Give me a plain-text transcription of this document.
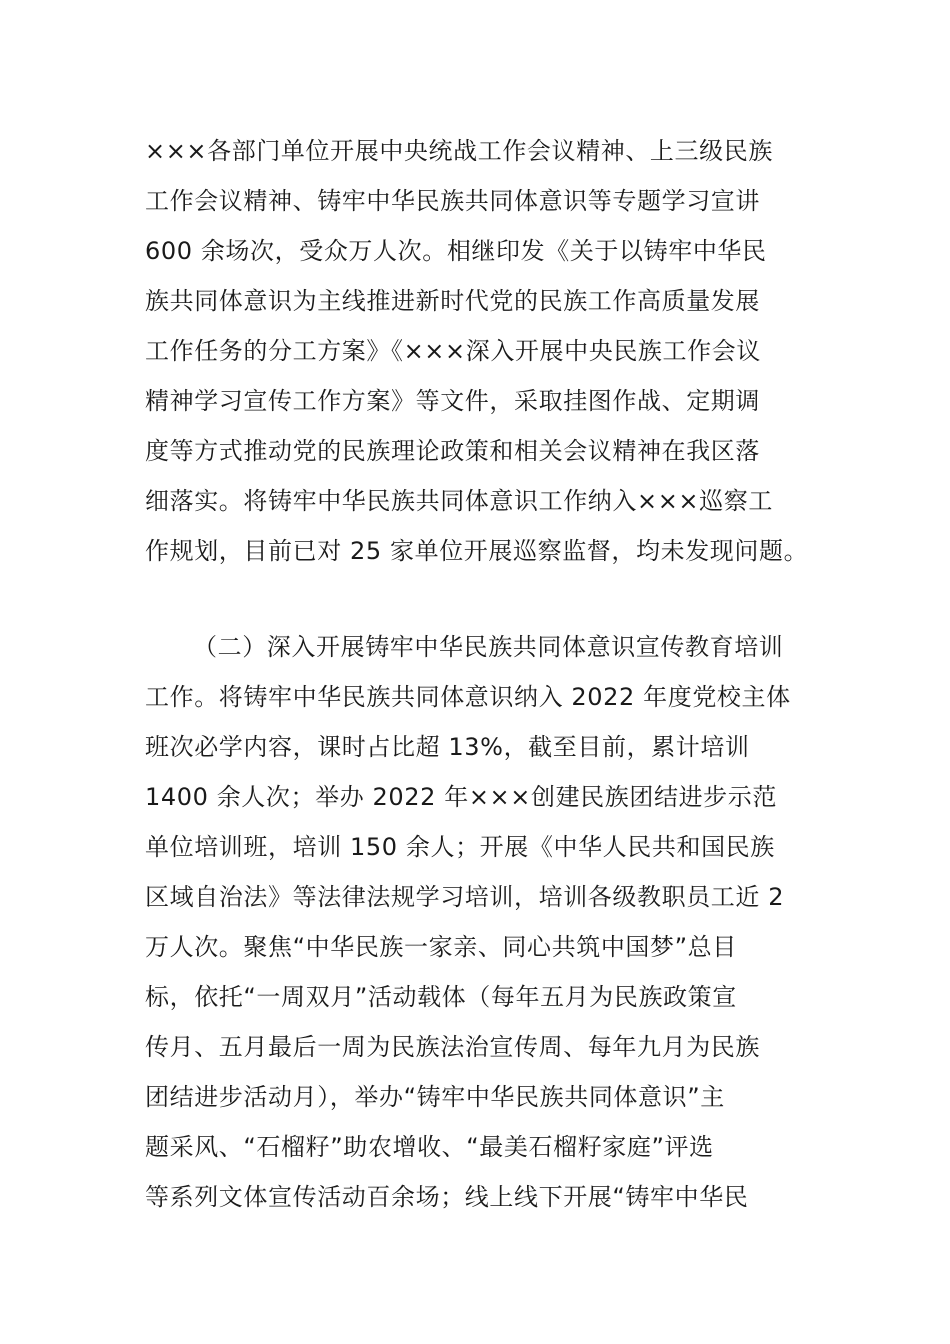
×××各部门单位开展中央统战工作会议精神、上三级民族
工作会议精神、铸牢中华民族共同体意识等专题学习宣讲
600 余场次，受众万人次。相继印发《关于以铸牢中华民
族共同体意识为主线推进新时代党的民族工作高质量发展
工作任务的分工方案》《×××深入开展中央民族工作会议
精神学习宣传工作方案》等文件，采取挂图作战、定期调
度等方式推动党的民族理论政策和相关会议精神在我区落
细落实。将铸牢中华民族共同体意识工作纳入×××巡察工
作规划，目前已对 25 家单位开展巡察监督，均未发现问题。
（二）深入开展铸牢中华民族共同体意识宣传教育培训
工作。将铸牢中华民族共同体意识纳入 2022 年度党校主体
班次必学内容，课时占比超 13%，截至目前，累计培训
1400 余人次；举办 2022 年×××创建民族团结进步示范
单位培训班，培训 150 余人；开展《中华人民共和国民族
区域自治法》等法律法规学习培训，培训各级教职员工近 2
万人次。聚焦“中华民族一家亲、同心共筑中国梦”总目
标，依托“一周双月”活动载体（每年五月为民族政策宣
传月、五月最后一周为民族法治宣传周、每年九月为民族
团结进步活动月），举办“铸牢中华民族共同体意识”主
题采风、“石榴籽”助农增收、“最美石榴籽家庭”评选
等系列文体宣传活动百余场；线上线下开展“铸牢中华民
